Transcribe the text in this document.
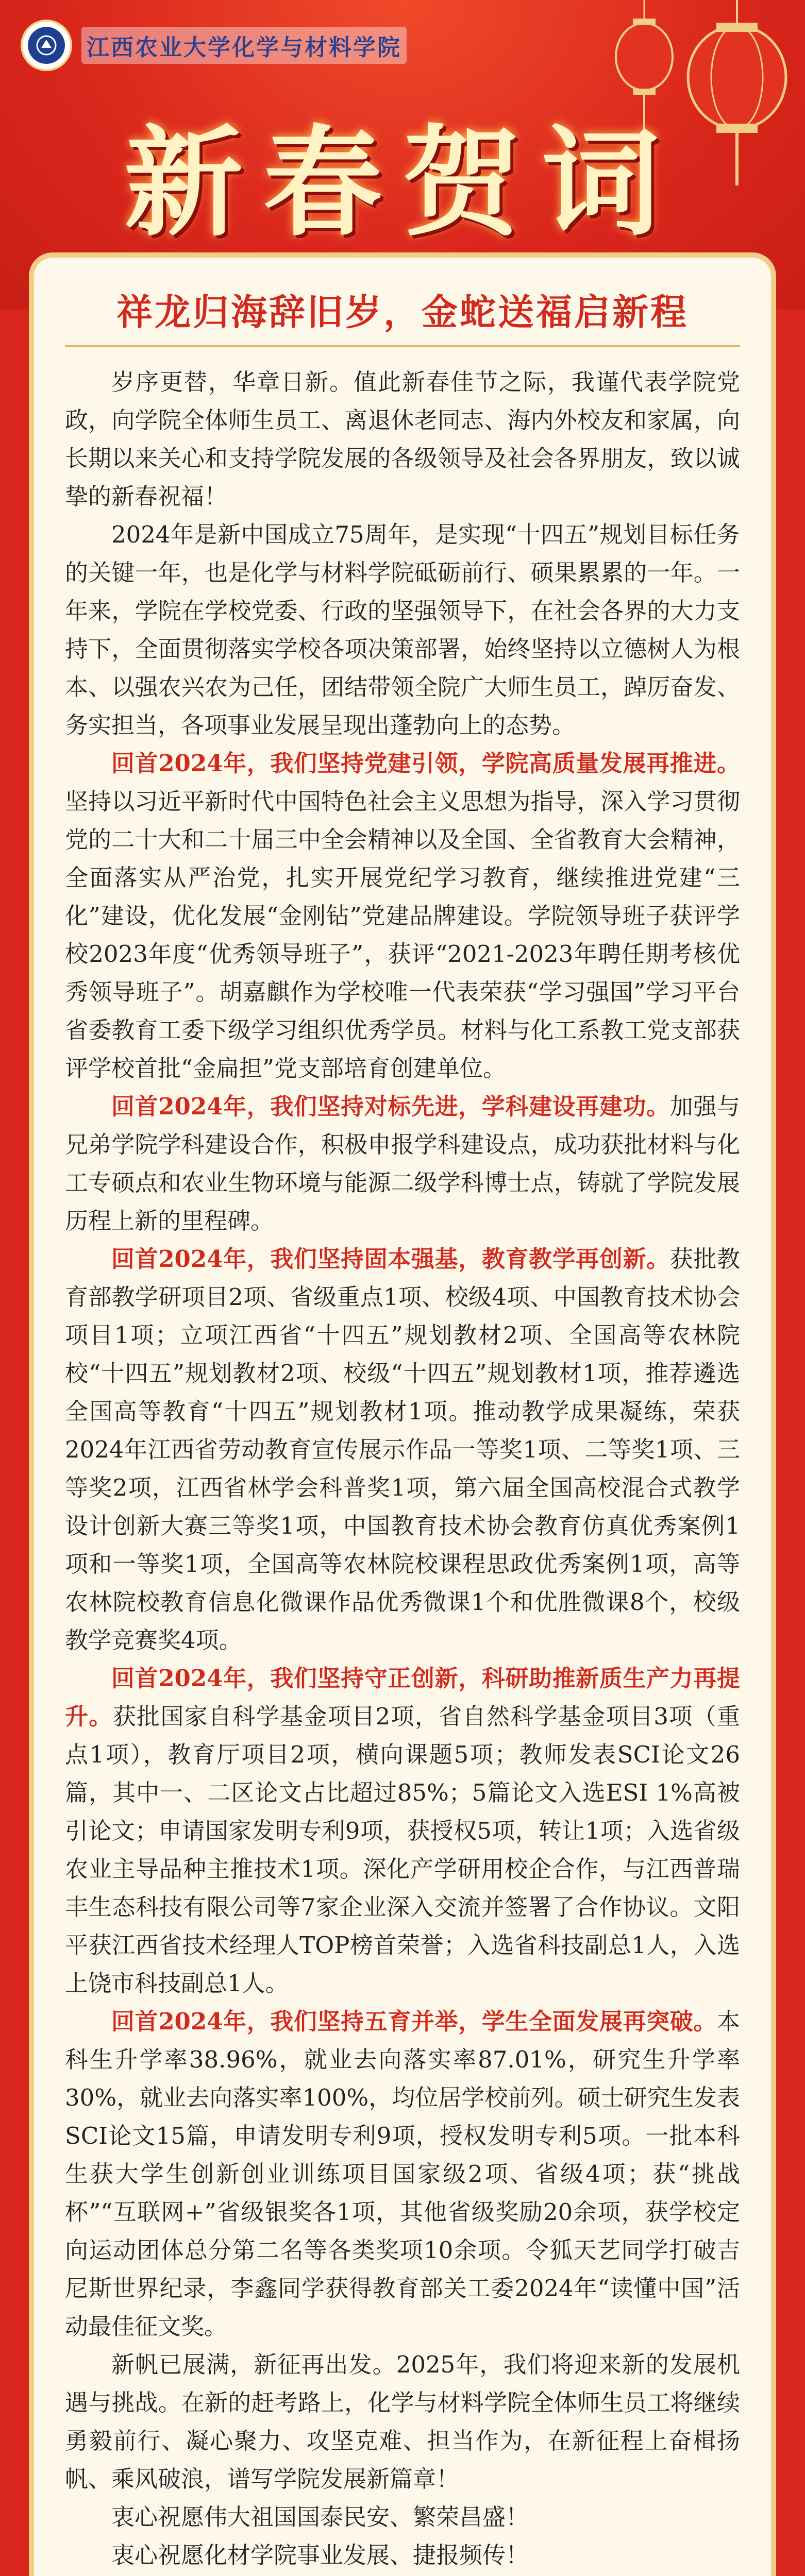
江西农业大学化学与材料学院
新春贺词
祥龙归海辞旧岁，金蛇送福启新程

岁序更替，华章日新。值此新春佳节之际，我谨代表学院党政，向学院全体师生员工、离退休老同志、海内外校友和家属，向长期以来关心和支持学院发展的各级领导及社会各界朋友，致以诚挚的新春祝福！

2024年是新中国成立75周年，是实现“十四五”规划目标任务的关键一年，也是化学与材料学院砥砺前行、硕果累累的一年。一年来，学院在学校党委、行政的坚强领导下，在社会各界的大力支持下，全面贯彻落实学校各项决策部署，始终坚持以立德树人为根本、以强农兴农为己任，团结带领全院广大师生员工，踔厉奋发、务实担当，各项事业发展呈现出蓬勃向上的态势。

回首2024年，我们坚持党建引领，学院高质量发展再推进。坚持以习近平新时代中国特色社会主义思想为指导，深入学习贯彻党的二十大和二十届三中全会精神以及全国、全省教育大会精神，全面落实从严治党，扎实开展党纪学习教育，继续推进党建“三化”建设，优化发展“金刚钻”党建品牌建设。学院领导班子获评学校2023年度“优秀领导班子”，获评“2021-2023年聘任期考核优秀领导班子”。胡嘉麒作为学校唯一代表荣获“学习强国”学习平台省委教育工委下级学习组织优秀学员。材料与化工系教工党支部获评学校首批“金扁担”党支部培育创建单位。

回首2024年，我们坚持对标先进，学科建设再建功。加强与兄弟学院学科建设合作，积极申报学科建设点，成功获批材料与化工专硕点和农业生物环境与能源二级学科博士点，铸就了学院发展历程上新的里程碑。

回首2024年，我们坚持固本强基，教育教学再创新。获批教育部教学研项目2项、省级重点1项、校级4项、中国教育技术协会项目1项；立项江西省“十四五”规划教材2项、全国高等农林院校“十四五”规划教材2项、校级“十四五”规划教材1项，推荐遴选全国高等教育“十四五”规划教材1项。推动教学成果凝练，荣获2024年江西省劳动教育宣传展示作品一等奖1项、二等奖1项、三等奖2项，江西省林学会科普奖1项，第六届全国高校混合式教学设计创新大赛三等奖1项，中国教育技术协会教育仿真优秀案例1项和一等奖1项，全国高等农林院校课程思政优秀案例1项，高等农林院校教育信息化微课作品优秀微课1个和优胜微课8个，校级教学竞赛奖4项。

回首2024年，我们坚持守正创新，科研助推新质生产力再提升。获批国家自科学基金项目2项，省自然科学基金项目3项（重点1项），教育厅项目2项，横向课题5项；教师发表SCI论文26篇，其中一、二区论文占比超过85%；5篇论文入选ESI 1%高被引论文；申请国家发明专利9项，获授权5项，转让1项；入选省级农业主导品种主推技术1项。深化产学研用校企合作，与江西普瑞丰生态科技有限公司等7家企业深入交流并签署了合作协议。文阳平获江西省技术经理人TOP榜首荣誉；入选省科技副总1人，入选上饶市科技副总1人。

回首2024年，我们坚持五育并举，学生全面发展再突破。本科生升学率38.96%，就业去向落实率87.01%，研究生升学率30%，就业去向落实率100%，均位居学校前列。硕士研究生发表SCI论文15篇，申请发明专利9项，授权发明专利5项。一批本科生获大学生创新创业训练项目国家级2项、省级4项；获“挑战杯”“互联网+”省级银奖各1项，其他省级奖励20余项，获学校定向运动团体总分第二名等各类奖项10余项。令狐天艺同学打破吉尼斯世界纪录，李鑫同学获得教育部关工委2024年“读懂中国”活动最佳征文奖。

新帆已展满，新征再出发。2025年，我们将迎来新的发展机遇与挑战。在新的赶考路上，化学与材料学院全体师生员工将继续勇毅前行、凝心聚力、攻坚克难、担当作为，在新征程上奋楫扬帆、乘风破浪，谱写学院发展新篇章！

衷心祝愿伟大祖国国泰民安、繁荣昌盛！

衷心祝愿化材学院事业发展、捷报频传！
